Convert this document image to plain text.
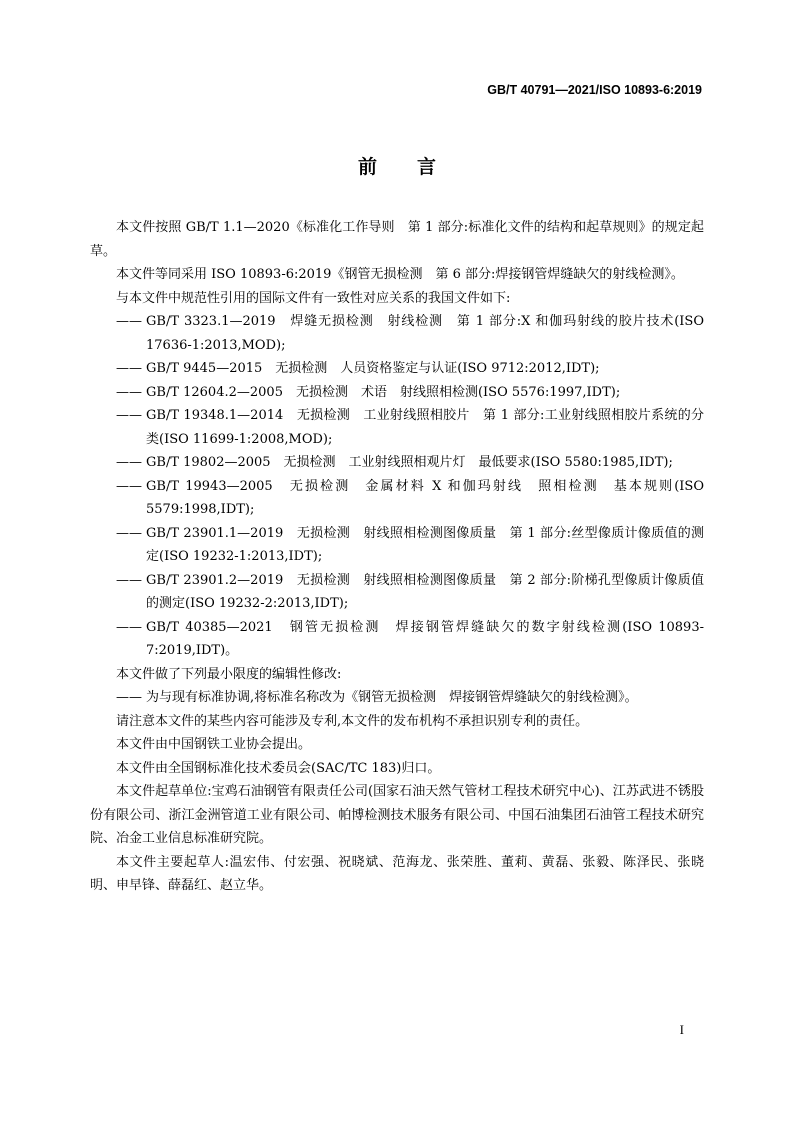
GB/T 40791—2021/ISO 10893-6:2019
前言

本文件按照 GB/T 1.1—2020《标准化工作导则　第 1 部分:标准化文件的结构和起草规则》的规定起草。

本文件等同采用 ISO 10893-6:2019《钢管无损检测　第 6 部分:焊接钢管焊缝缺欠的射线检测》。

与本文件中规范性引用的国际文件有一致性对应关系的我国文件如下:

—— GB/T 3323.1—2019　焊缝无损检测　射线检测　第 1 部分:X 和伽玛射线的胶片技术(ISO 17636-1:2013,MOD);

—— GB/T 9445—2015　无损检测　人员资格鉴定与认证(ISO 9712:2012,IDT);

—— GB/T 12604.2—2005　无损检测　术语　射线照相检测(ISO 5576:1997,IDT);

—— GB/T 19348.1—2014　无损检测　工业射线照相胶片　第 1 部分:工业射线照相胶片系统的分类(ISO 11699-1:2008,MOD);

—— GB/T 19802—2005　无损检测　工业射线照相观片灯　最低要求(ISO 5580:1985,IDT);

—— GB/T 19943—2005　无损检测　金属材料 X 和伽玛射线　照相检测　基本规则(ISO 5579:1998,IDT);

—— GB/T 23901.1—2019　无损检测　射线照相检测图像质量　第 1 部分:丝型像质计像质值的测定(ISO 19232-1:2013,IDT);

—— GB/T 23901.2—2019　无损检测　射线照相检测图像质量　第 2 部分:阶梯孔型像质计像质值的测定(ISO 19232-2:2013,IDT);

—— GB/T 40385—2021　钢管无损检测　焊接钢管焊缝缺欠的数字射线检测(ISO 10893-7:2019,IDT)。

本文件做了下列最小限度的编辑性修改:

—— 为与现有标准协调,将标准名称改为《钢管无损检测　焊接钢管焊缝缺欠的射线检测》。

请注意本文件的某些内容可能涉及专利,本文件的发布机构不承担识别专利的责任。

本文件由中国钢铁工业协会提出。

本文件由全国钢标准化技术委员会(SAC/TC 183)归口。

本文件起草单位:宝鸡石油钢管有限责任公司(国家石油天然气管材工程技术研究中心)、江苏武进不锈股份有限公司、浙江金洲管道工业有限公司、帕博检测技术服务有限公司、中国石油集团石油管工程技术研究院、冶金工业信息标准研究院。

本文件主要起草人:温宏伟、付宏强、祝晓斌、范海龙、张荣胜、董莉、黄磊、张毅、陈泽民、张晓明、申早锋、薛磊红、赵立华。

I
